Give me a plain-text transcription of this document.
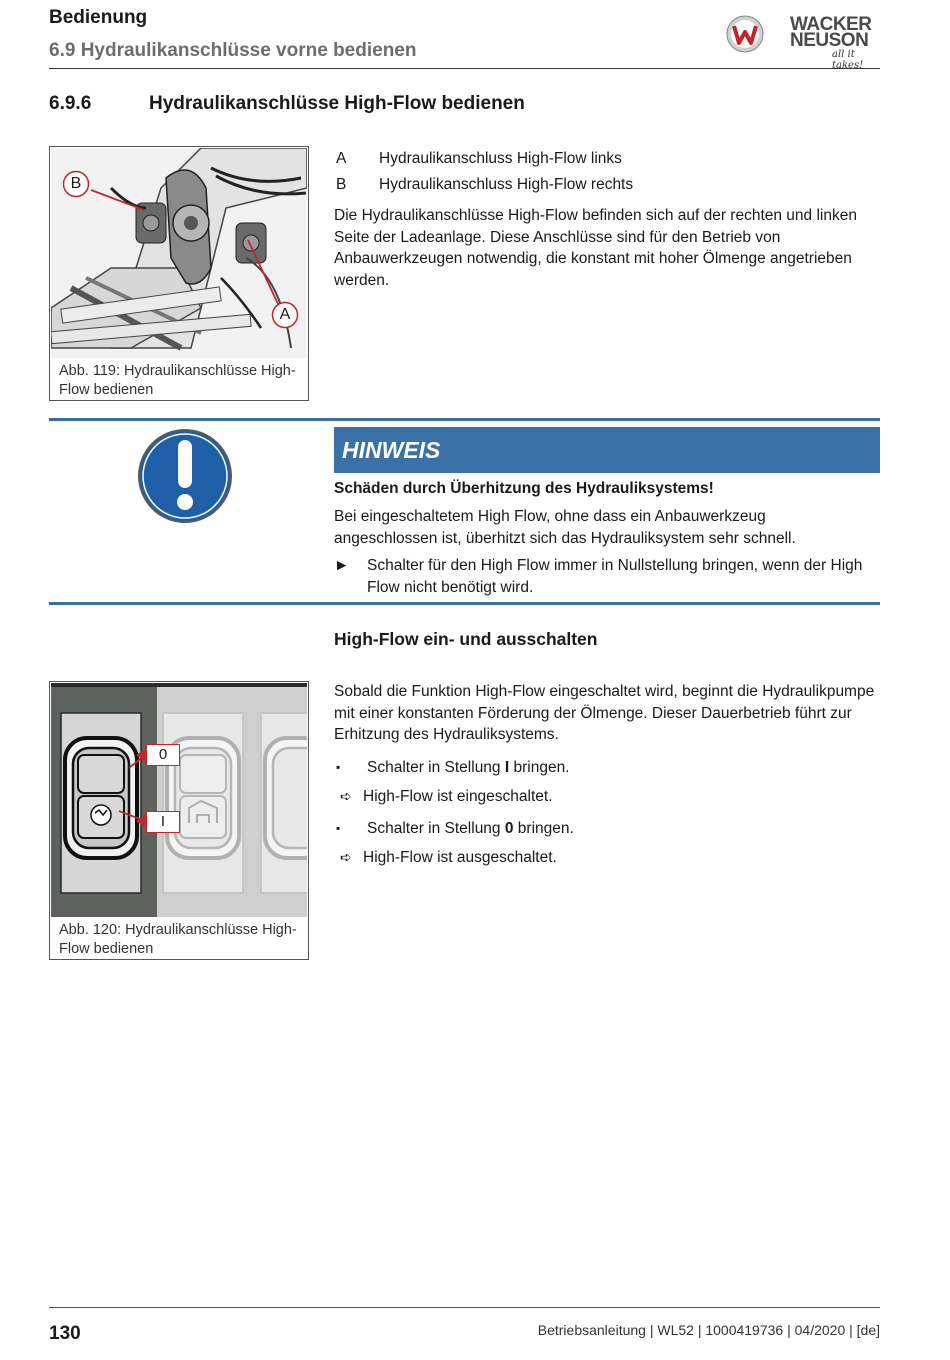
Bedienung
6.9 Hydraulikanschlüsse vorne bedienen
WACKER
NEUSON
all it takes!
6.9.6	Hydraulikanschlüsse High-Flow bedienen
B
A
Abb. 119: Hydraulikanschlüsse High-Flow bedienen
A Hydraulikanschluss High-Flow links
B Hydraulikanschluss High-Flow rechts
Die Hydraulikanschlüsse High-Flow befinden sich auf der rechten und linken Seite der Ladeanlage. Diese Anschlüsse sind für den Betrieb von Anbauwerkzeugen notwendig, die konstant mit hoher Ölmenge angetrieben werden.
HINWEIS
Schäden durch Überhitzung des Hydrauliksystems!
Bei eingeschaltetem High Flow, ohne dass ein Anbauwerkzeug angeschlossen ist, überhitzt sich das Hydrauliksystem sehr schnell.
►	Schalter für den High Flow immer in Nullstellung bringen, wenn der High Flow nicht benötigt wird.
High-Flow ein- und ausschalten
0
I
Abb. 120: Hydraulikanschlüsse High-Flow bedienen
Sobald die Funktion High-Flow eingeschaltet wird, beginnt die Hydraulikpumpe mit einer konstanten Förderung der Ölmenge. Dieser Dauerbetrieb führt zur Erhitzung des Hydrauliksystems.
▪ Schalter in Stellung I bringen.
➪ High-Flow ist eingeschaltet.
▪ Schalter in Stellung 0 bringen.
➪ High-Flow ist ausgeschaltet.
130	Betriebsanleitung | WL52 | 1000419736 | 04/2020 | [de]
